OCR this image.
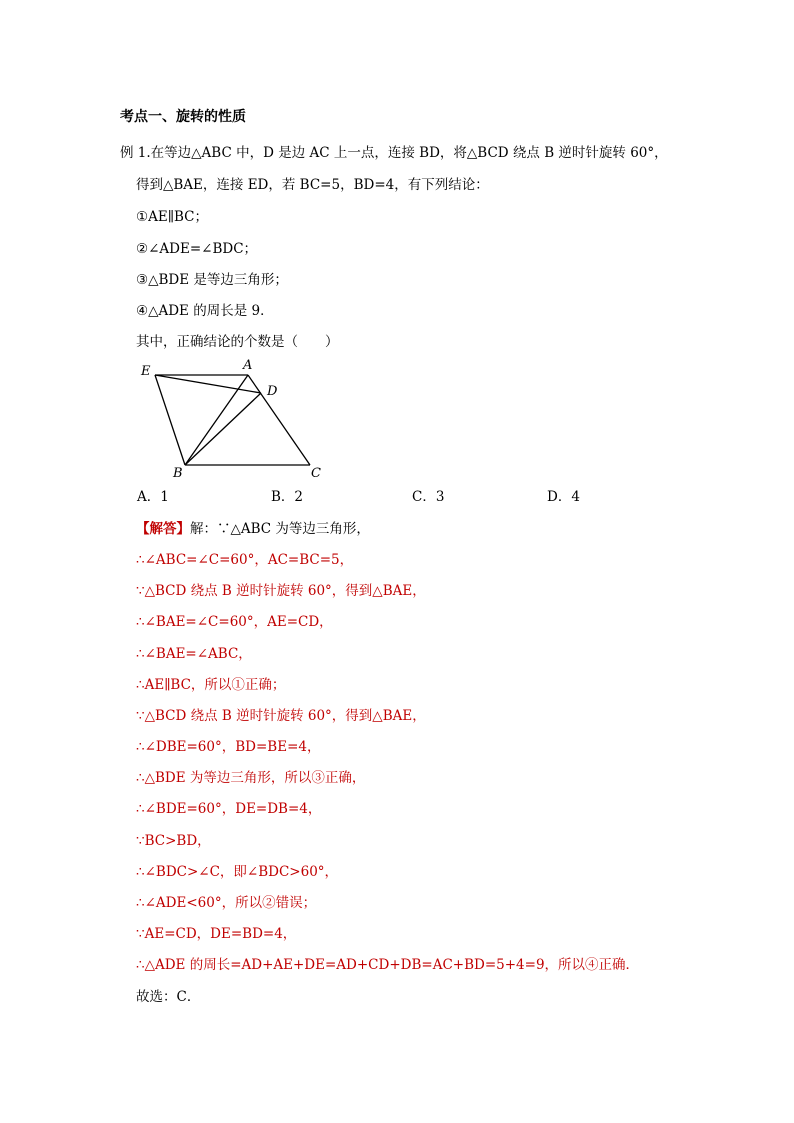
考点一、旋转的性质
例 1.在等边△ABC 中，D 是边 AC 上一点，连接 BD，将△BCD 绕点 B 逆时针旋转 60°，
得到△BAE，连接 ED，若 BC=5，BD=4，有下列结论：
①AE∥BC；
②∠ADE=∠BDC；
③△BDE 是等边三角形；
④△ADE 的周长是 9．
其中，正确结论的个数是（　　）
E	A
D
B	C
A．1	B．2	C．3	D．4
【解答】解：∵△ABC 为等边三角形，
∴∠ABC=∠C=60°，AC=BC=5，
∵△BCD 绕点 B 逆时针旋转 60°，得到△BAE，
∴∠BAE=∠C=60°，AE=CD，
∴∠BAE=∠ABC，
∴AE∥BC，所以①正确；
∵△BCD 绕点 B 逆时针旋转 60°，得到△BAE，
∴∠DBE=60°，BD=BE=4，
∴△BDE 为等边三角形，所以③正确，
∴∠BDE=60°，DE=DB=4，
∵BC>BD，
∴∠BDC>∠C，即∠BDC>60°，
∴∠ADE<60°，所以②错误；
∵AE=CD，DE=BD=4，
∴△ADE 的周长=AD+AE+DE=AD+CD+DB=AC+BD=5+4=9，所以④正确．
故选：C．
